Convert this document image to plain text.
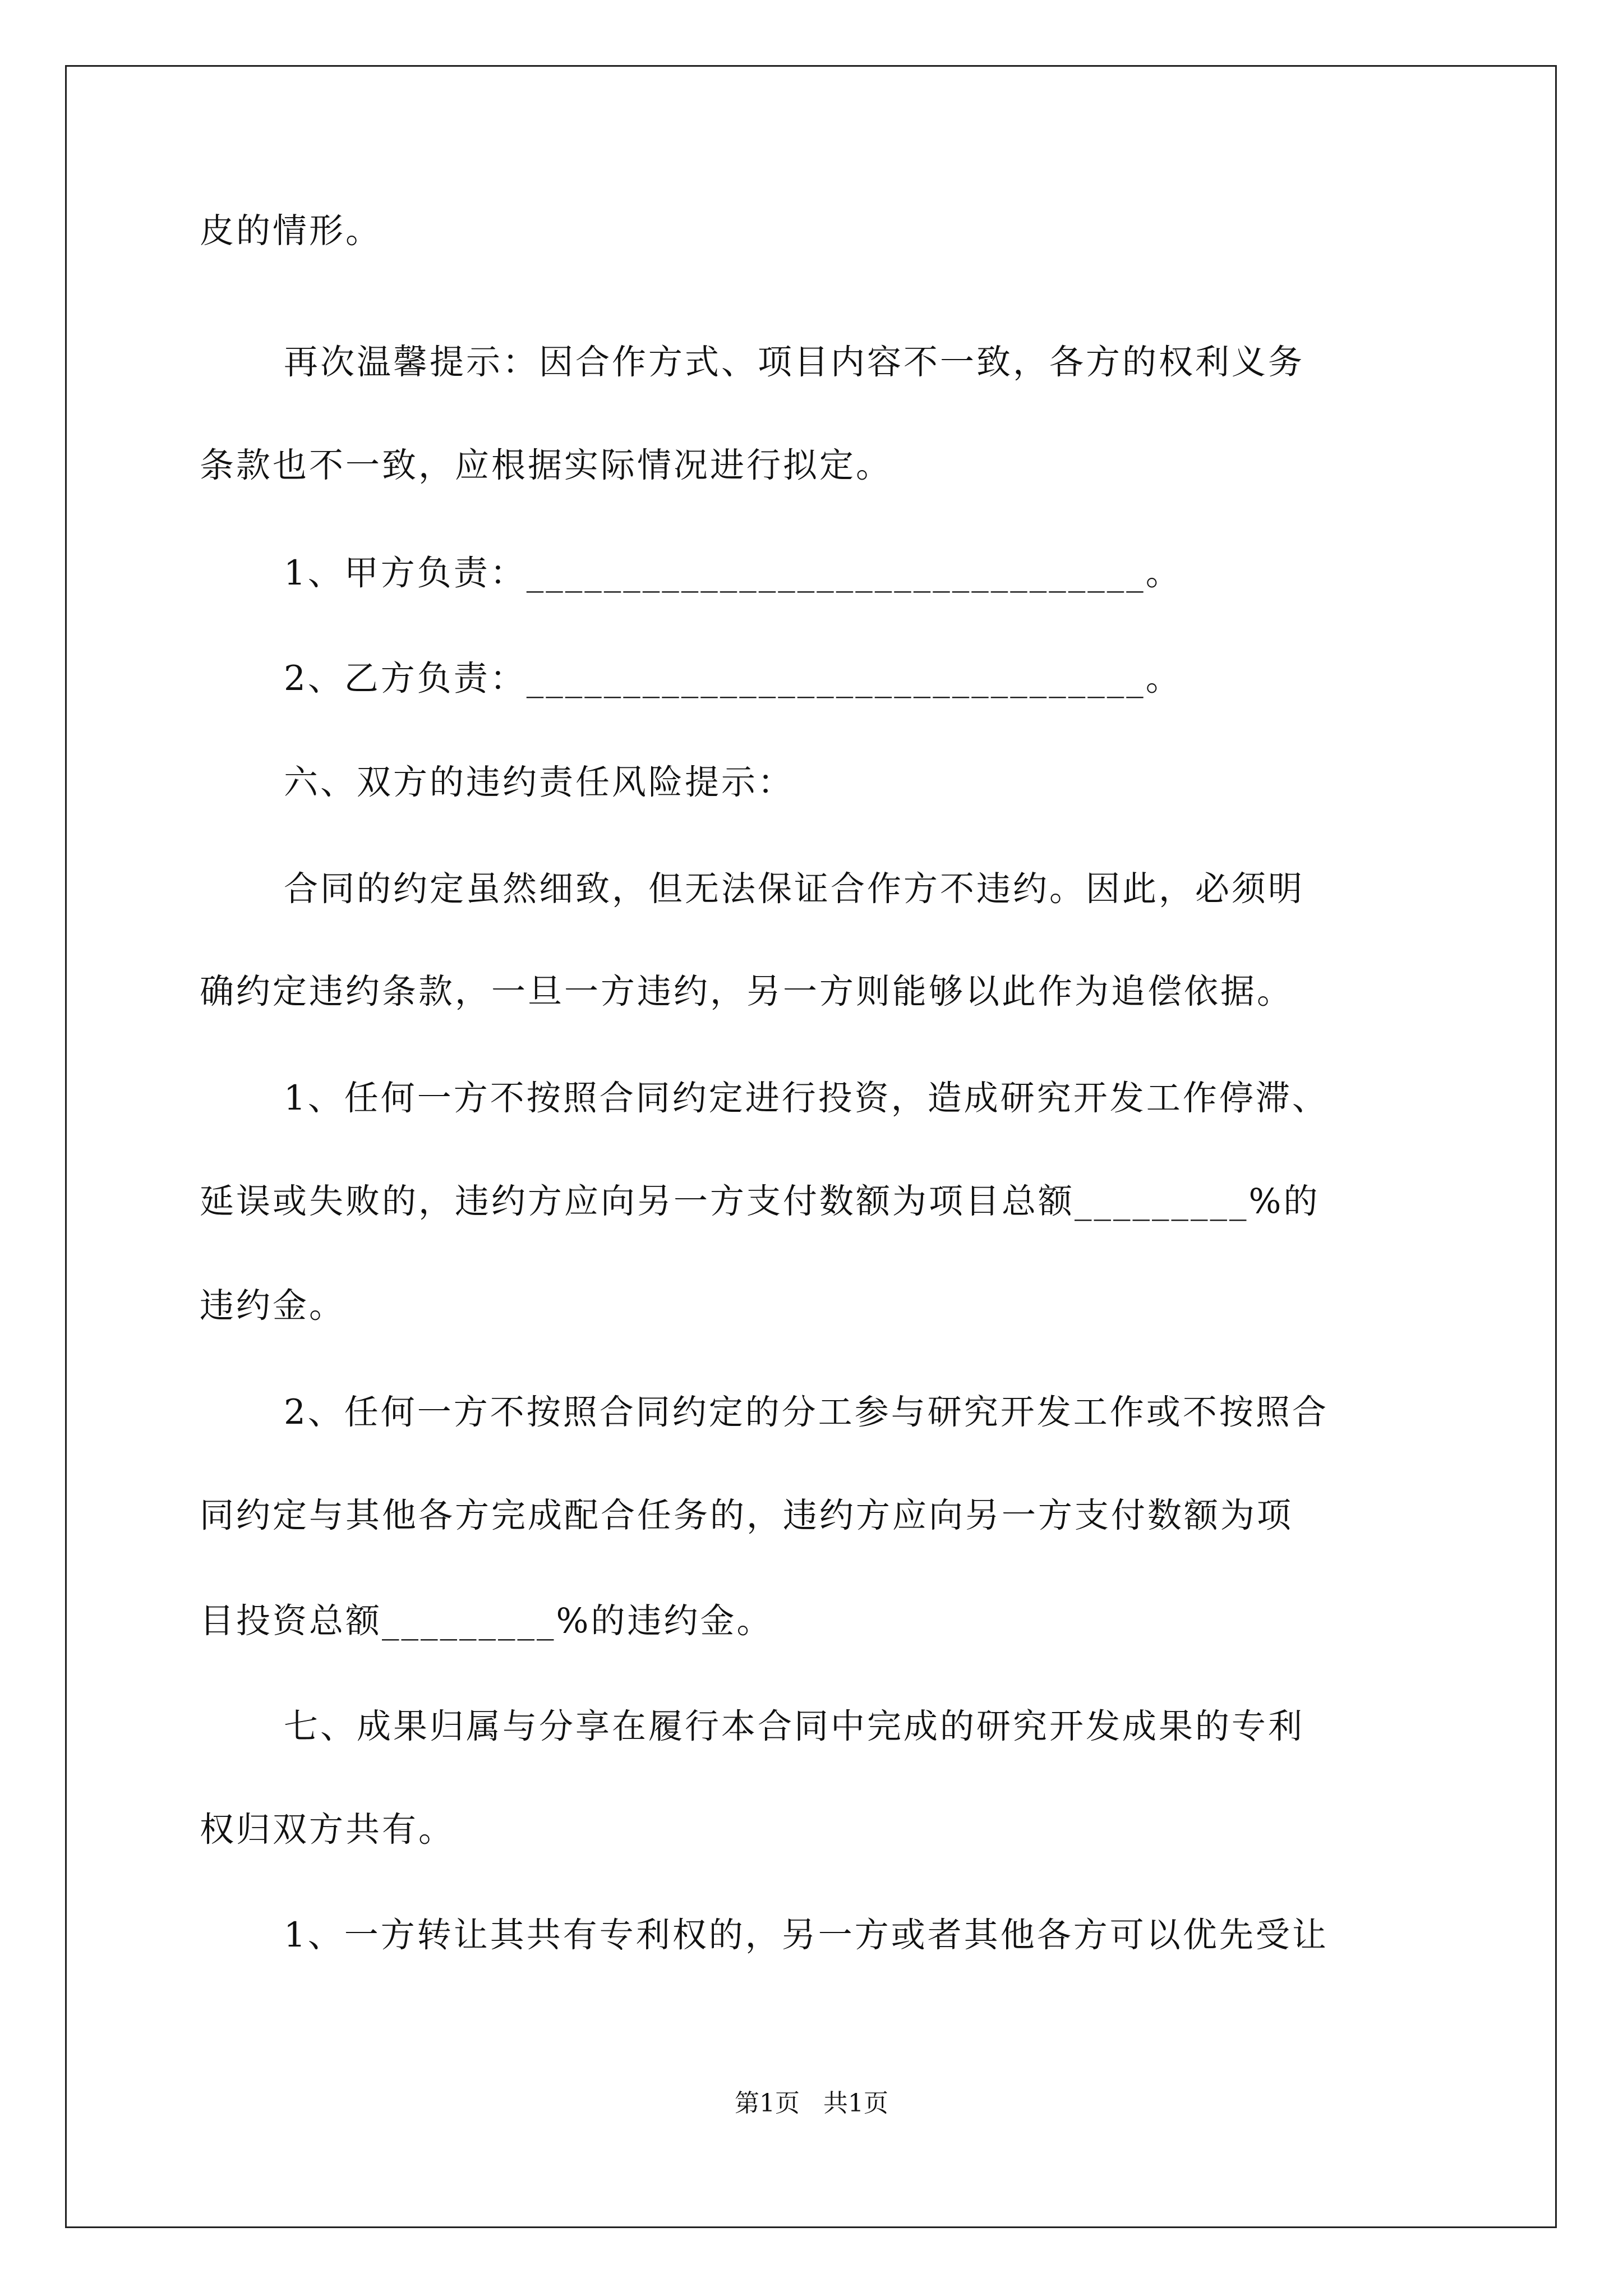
皮的情形。
再次温馨提示：因合作方式、项目内容不一致，各方的权利义务
条款也不一致，应根据实际情况进行拟定。
1、甲方负责：________________________________。
2、乙方负责：________________________________。
六、双方的违约责任风险提示：
合同的约定虽然细致，但无法保证合作方不违约。因此，必须明
确约定违约条款，一旦一方违约，另一方则能够以此作为追偿依据。
1、任何一方不按照合同约定进行投资，造成研究开发工作停滞、
延误或失败的，违约方应向另一方支付数额为项目总额_________%的
违约金。
2、任何一方不按照合同约定的分工参与研究开发工作或不按照合
同约定与其他各方完成配合任务的，违约方应向另一方支付数额为项
目投资总额_________%的违约金。
七、成果归属与分享在履行本合同中完成的研究开发成果的专利
权归双方共有。
1、一方转让其共有专利权的，另一方或者其他各方可以优先受让
第1页   共1页
